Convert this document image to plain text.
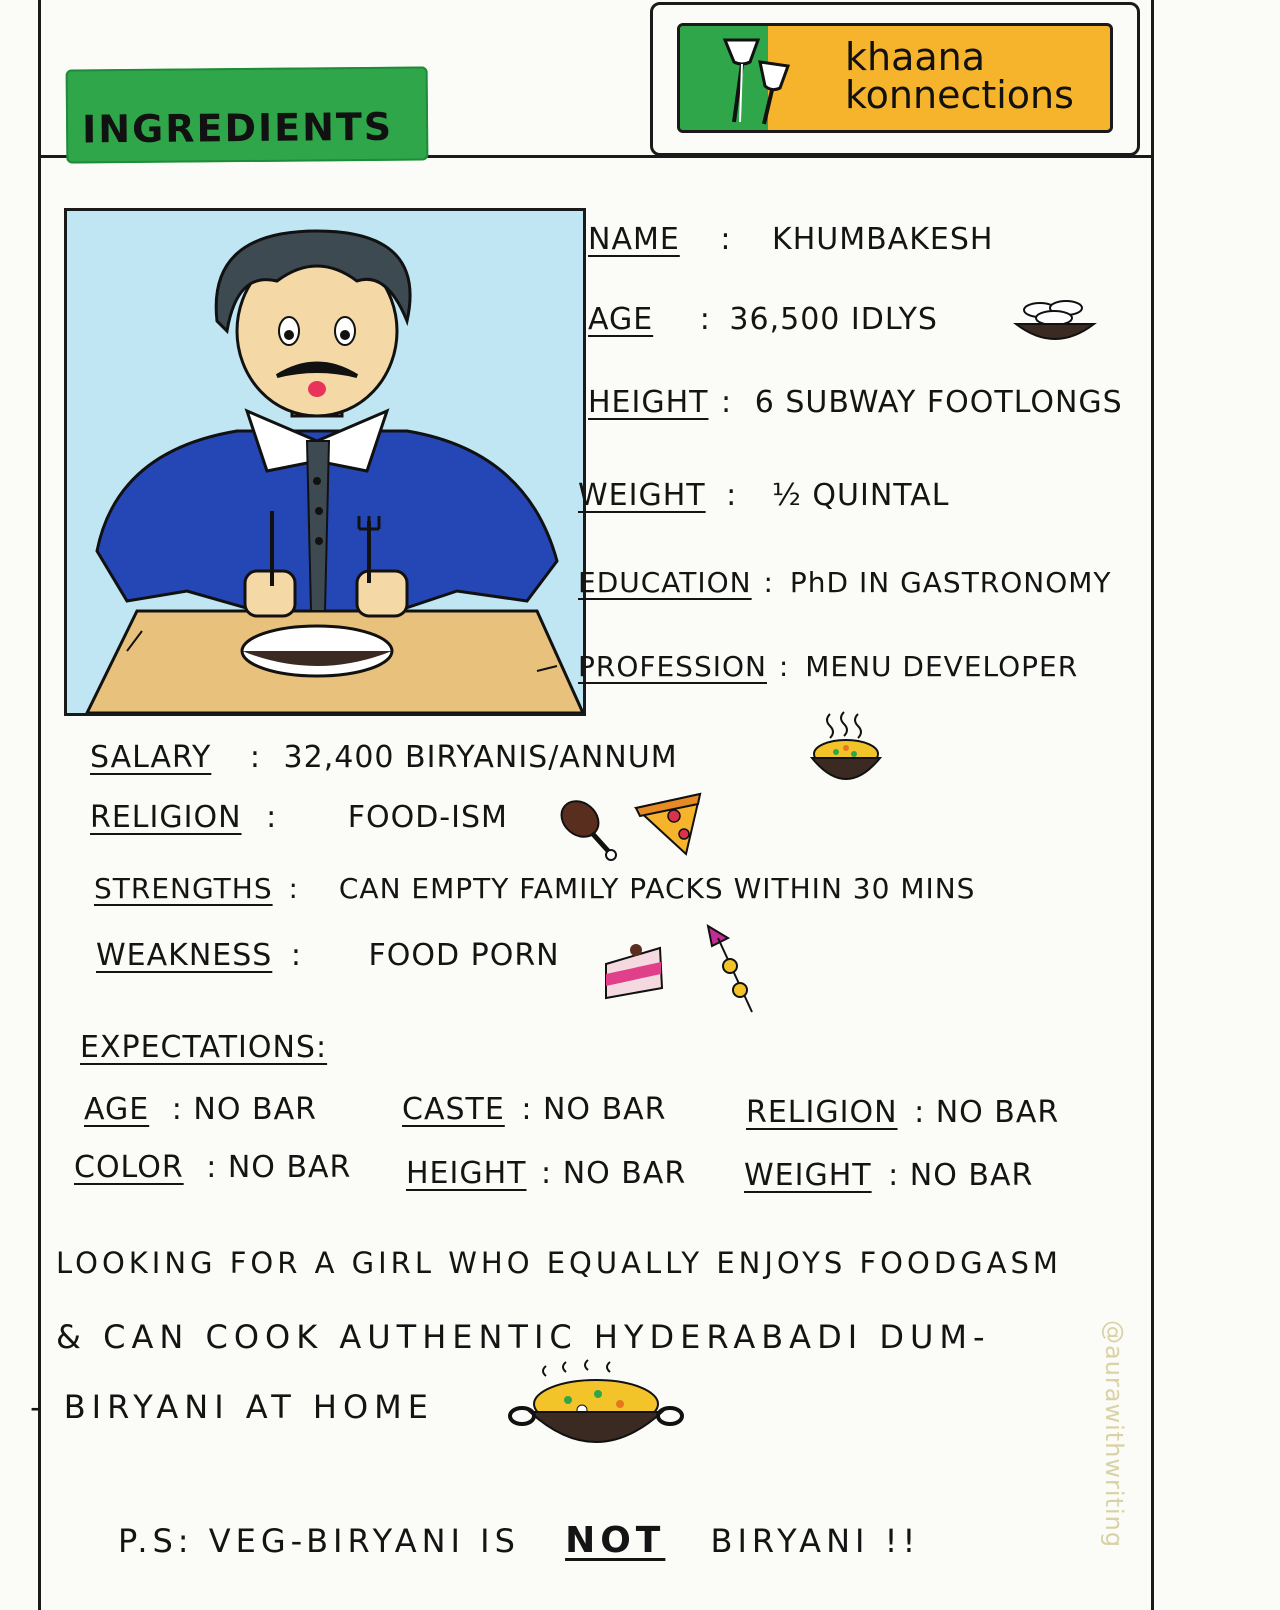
INGREDIENTS
khaana
konnections
NAME : KHUMBAKESH
AGE : 36,500 IDLYS
HEIGHT : 6 SUBWAY FOOTLONGS
WEIGHT : ½ QUINTAL
EDUCATION : PhD IN GASTRONOMY
PROFESSION : MENU DEVELOPER
SALARY : 32,400 BIRYANIS/ANNUM
RELIGION : FOOD-ISM
STRENGTHS : CAN EMPTY FAMILY PACKS WITHIN 30 MINS
WEAKNESS : FOOD PORN
EXPECTATIONS:
AGE : NO BAR	CASTE : NO BAR	RELIGION : NO BAR
COLOR : NO BAR HEIGHT : NO BAR WEIGHT : NO BAR
LOOKING FOR A GIRL WHO EQUALLY ENJOYS FOODGASM
& CAN COOK AUTHENTIC HYDERABADI DUM-
- BIRYANI AT HOME
P.S: VEG-BIRYANI IS NOT BIRYANI !!	@aurawithwriting
